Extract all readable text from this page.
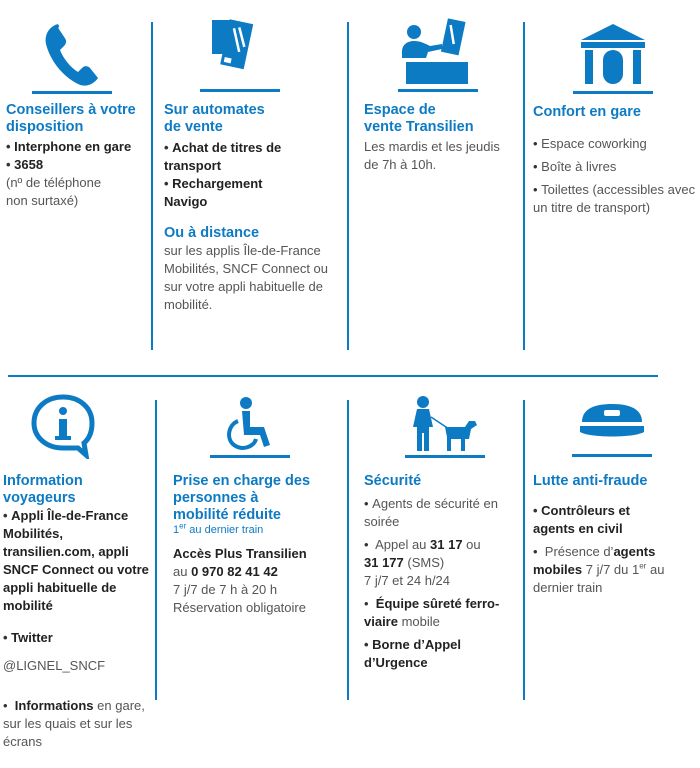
Conseillers à votre disposition
• Interphone en gare
• 3658
(nº de téléphone non surtaxé)
Sur automates de vente
• Achat de titres de transport
• Rechargement Navigo
Ou à distance
sur les applis Île-de-France Mobilités, SNCF Connect ou sur votre appli habituelle de mobilité.
Espace de vente Transilien
Les mardis et les jeudis de 7h à 10h.
Confort en gare
• Espace coworking
• Boîte à livres
• Toilettes (accessibles avec un titre de transport)
Information voyageurs
• Appli Île-de-France Mobilités, transilien.com, appli SNCF Connect ou votre appli habituelle de mobilité
• Twitter
@LIGNEL_SNCF
• Informations en gare, sur les quais et sur les écrans
Prise en charge des personnes à mobilité réduite
1er au dernier train
Accès Plus Transilien
au 0 970 82 41 42
7 j/7 de 7 h à 20 h
Réservation obligatoire
Sécurité
• Agents de sécurité en soirée
• Appel au 31 17 ou
31 177 (SMS)
7 j/7 et 24 h/24
• Équipe sûreté ferroviaire mobile
• Borne d’Appel d’Urgence
Lutte anti-fraude
• Contrôleurs et agents en civil
• Présence d’agents mobiles 7 j/7 du 1er au dernier train
